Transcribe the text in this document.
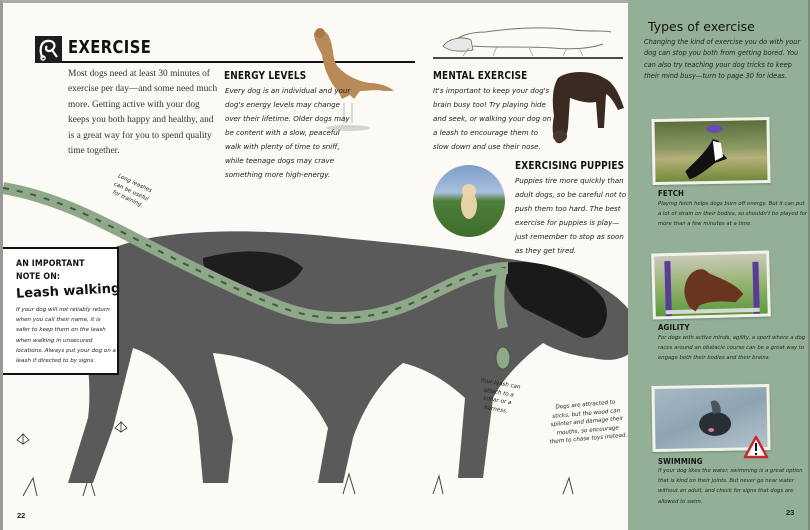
EXERCISE
Most dogs need at least 30 minutes of exercise per day—and some need much more. Getting active with your dog keeps you both happy and healthy, and is a great way for you to spend quality time together.
ENERGY LEVELS
Every dog is an individual and your dog's energy levels may change over their lifetime. Older dogs may be content with a slow, peaceful walk with plenty of time to sniff, while teenage dogs may crave something more high-energy.
MENTAL EXERCISE
It's important to keep your dog's brain busy too! Try playing hide and seek, or walking your dog on a leash to encourage them to slow down and use their nose.
EXERCISING PUPPIES
Puppies tire more quickly than adult dogs, so be careful not to push them too hard. The best exercise for puppies is play—just remember to stop as soon as they get tired.
Long leashes can be useful for training.
Your leash can attach to a collar or a harness.	Dogs are attracted to sticks, but the wood can splinter and damage their mouths, so encourage them to chase toys instead.
AN IMPORTANT
NOTE ON:
Leash walking
If your dog will not reliably return when you call their name, it is safer to keep them on the leash when walking in unsecured locations. Always put your dog on a leash if directed to by signs.
22
Types of exercise
Changing the kind of exercise you do with your dog can stop you both from getting bored. You can also try teaching your dog tricks to keep their mind busy—turn to page 30 for ideas.
FETCH
Playing fetch helps dogs burn off energy. But it can put a lot of strain on their bodies, so shouldn't be played for more than a few minutes at a time.
AGILITY
For dogs with active minds, agility, a sport where a dog races around an obstacle course can be a great way to engage both their bodies and their brains.
SWIMMING
If your dog likes the water, swimming is a great option that is kind on their joints. But never go near water without an adult, and check for signs that dogs are allowed to swim.
23
